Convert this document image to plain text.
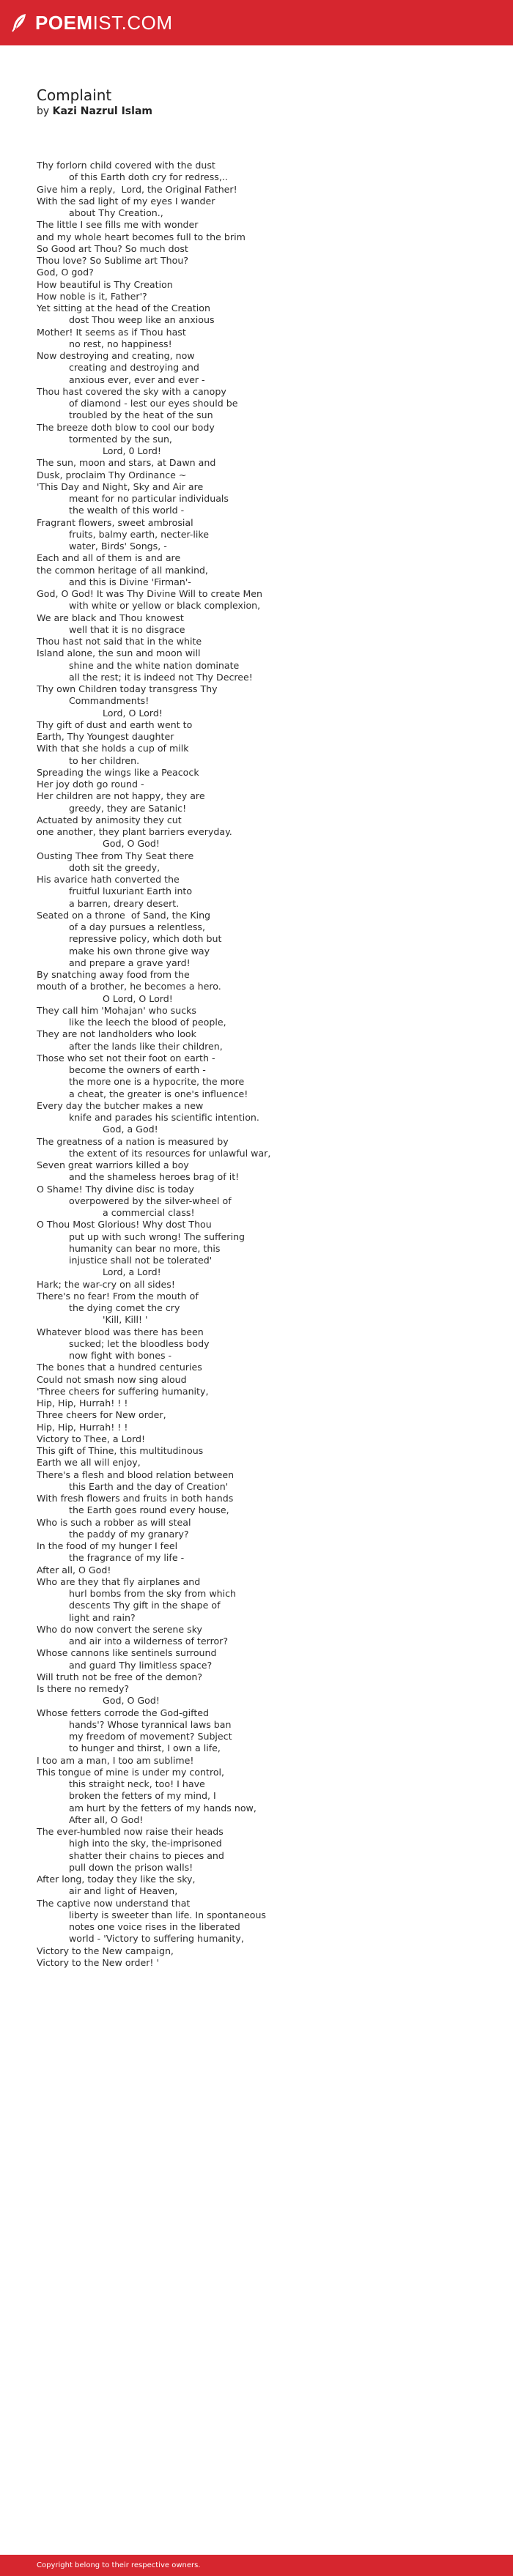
POEM IST.COM
Complaint
by Kazi Nazrul Islam
Thy forlorn child covered with the dust
of this Earth doth cry for redress,..
Give him a reply,  Lord, the Original Father!
With the sad light of my eyes I wander
about Thy Creation.,
The little I see fills me with wonder
and my whole heart becomes full to the brim
So Good art Thou? So much dost
Thou love? So Sublime art Thou?
God, O god?
How beautiful is Thy Creation
How noble is it, Father'?
Yet sitting at the head of the Creation
dost Thou weep like an anxious
Mother! It seems as if Thou hast
no rest, no happiness!
Now destroying and creating, now
creating and destroying and
anxious ever, ever and ever -
Thou hast covered the sky with a canopy
of diamond - lest our eyes should be
troubled by the heat of the sun
The breeze doth blow to cool our body
tormented by the sun,
Lord, 0 Lord!
The sun, moon and stars, at Dawn and
Dusk, proclaim Thy Ordinance ~
'This Day and Night, Sky and Air are
meant for no particular individuals
the wealth of this world -
Fragrant flowers, sweet ambrosial
fruits, balmy earth, necter-like
water, Birds' Songs, -
Each and all of them is and are
the common heritage of all mankind,
and this is Divine 'Firman'-
God, O God! It was Thy Divine Will to create Men
with white or yellow or black complexion,
We are black and Thou knowest
well that it is no disgrace
Thou hast not said that in the white
Island alone, the sun and moon will
shine and the white nation dominate
all the rest; it is indeed not Thy Decree!
Thy own Children today transgress Thy
Commandments!
Lord, O Lord!
Thy gift of dust and earth went to
Earth, Thy Youngest daughter
With that she holds a cup of milk
to her children.
Spreading the wings like a Peacock
Her joy doth go round -
Her children are not happy, they are
greedy, they are Satanic!
Actuated by animosity they cut
one another, they plant barriers everyday.
God, O God!
Ousting Thee from Thy Seat there
doth sit the greedy,
His avarice hath converted the
fruitful luxuriant Earth into
a barren, dreary desert.
Seated on a throne  of Sand, the King
of a day pursues a relentless,
repressive policy, which doth but
make his own throne give way
and prepare a grave yard!
By snatching away food from the
mouth of a brother, he becomes a hero.
O Lord, O Lord!
They call him 'Mohajan' who sucks
like the leech the blood of people,
They are not landholders who look
after the lands like their children,
Those who set not their foot on earth -
become the owners of earth -
the more one is a hypocrite, the more
a cheat, the greater is one's influence!
Every day the butcher makes a new
knife and parades his scientific intention.
God, a God!
The greatness of a nation is measured by
the extent of its resources for unlawful war,
Seven great warriors killed a boy
and the shameless heroes brag of it!
O Shame! Thy divine disc is today
overpowered by the silver-wheel of
a commercial class!
O Thou Most Glorious! Why dost Thou
put up with such wrong! The suffering
humanity can bear no more, this
injustice shall not be tolerated'
Lord, a Lord!
Hark; the war-cry on all sides!
There's no fear! From the mouth of
the dying comet the cry
'Kill, Kill! '
Whatever blood was there has been
sucked; let the bloodless body
now fight with bones -
The bones that a hundred centuries
Could not smash now sing aloud
'Three cheers for suffering humanity,
Hip, Hip, Hurrah! ! !
Three cheers for New order,
Hip, Hip, Hurrah! ! !
Victory to Thee, a Lord!
This gift of Thine, this multitudinous
Earth we all will enjoy,
There's a flesh and blood relation between
this Earth and the day of Creation'
With fresh flowers and fruits in both hands
the Earth goes round every house,
Who is such a robber as will steal
the paddy of my granary?
In the food of my hunger I feel
the fragrance of my life -
After all, O God!
Who are they that fly airplanes and
hurl bombs from the sky from which
descents Thy gift in the shape of
light and rain?
Who do now convert the serene sky
and air into a wilderness of terror?
Whose cannons like sentinels surround
and guard Thy limitless space?
Will truth not be free of the demon?
Is there no remedy?
God, O God!
Whose fetters corrode the God-gifted
hands'? Whose tyrannical laws ban
my freedom of movement? Subject
to hunger and thirst, I own a life,
I too am a man, I too am sublime!
This tongue of mine is under my control,
this straight neck, too! I have
broken the fetters of my mind, I
am hurt by the fetters of my hands now,
After all, O God!
The ever-humbled now raise their heads
high into the sky, the-imprisoned
shatter their chains to pieces and
pull down the prison walls!
After long, today they like the sky,
air and light of Heaven,
The captive now understand that
liberty is sweeter than life. In spontaneous
notes one voice rises in the liberated
world - 'Victory to suffering humanity,
Victory to the New campaign,
Victory to the New order! '
Copyright belong to their respective owners.
